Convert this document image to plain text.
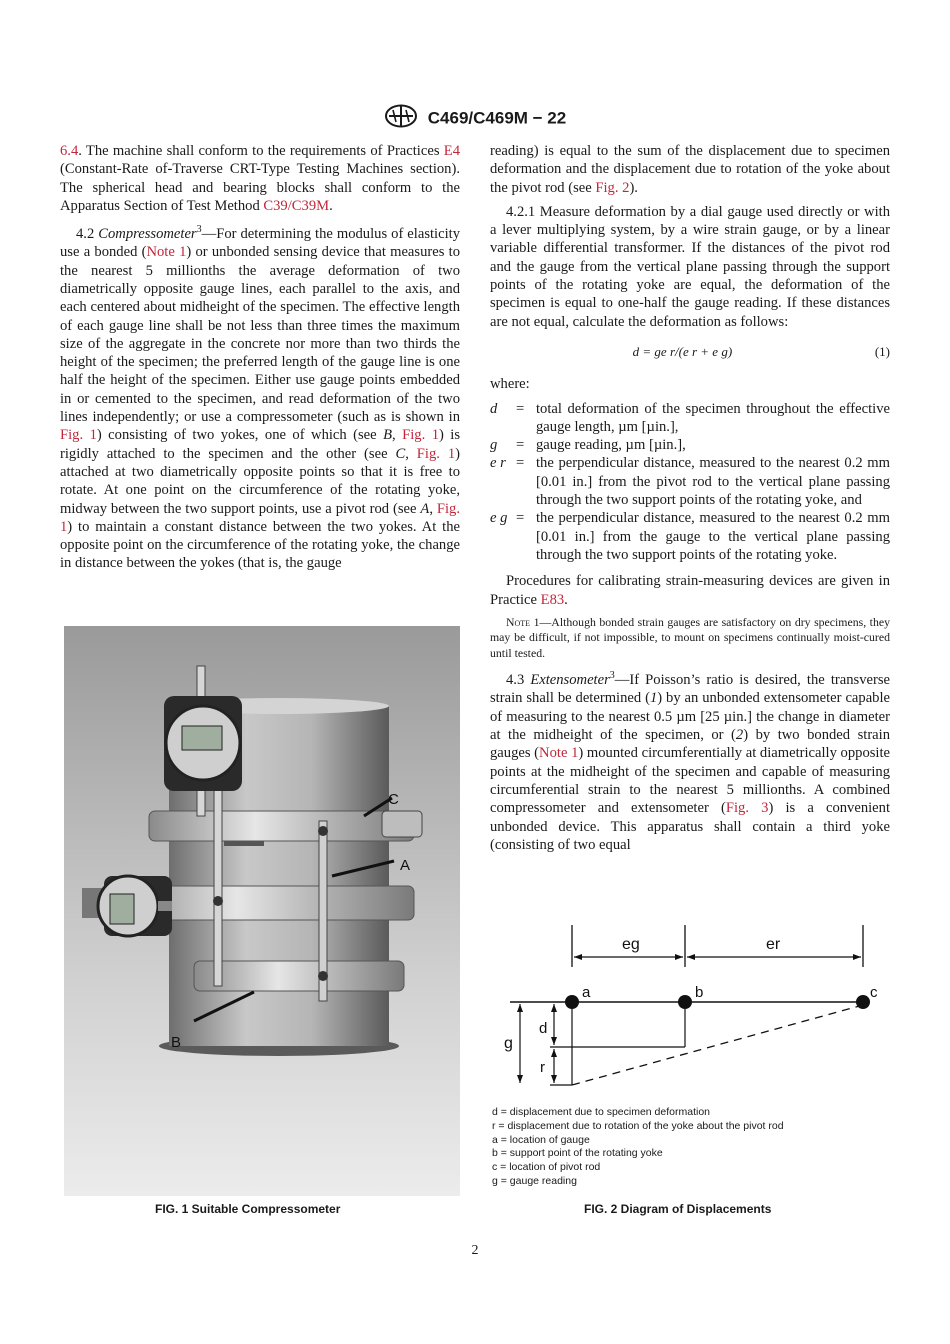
C469/C469M − 22

6.4. The machine shall conform to the requirements of Practices E4 (Constant-Rate of-Traverse CRT-Type Testing Machines section). The spherical head and bearing blocks shall conform to the Apparatus Section of Test Method C39/C39M.

4.2 Compressometer$^3$—For determining the modulus of elasticity use a bonded (Note 1) or unbonded sensing device that measures to the nearest 5 millionths the average deformation of two diametrically opposite gauge lines, each parallel to the axis, and each centered about midheight of the specimen. The effective length of each gauge line shall be not less than three times the maximum size of the aggregate in the concrete nor more than two thirds the height of the specimen; the preferred length of the gauge line is one half the height of the specimen. Either use gauge points embedded in or cemented to the specimen, and read deformation of the two lines independently; or use a compressometer (such as is shown in Fig. 1) consisting of two yokes, one of which (see B, Fig. 1) is rigidly attached to the specimen and the other (see C, Fig. 1) attached at two diametrically opposite points so that it is free to rotate. At one point on the circumference of the rotating yoke, midway between the two support points, use a pivot rod (see A, Fig. 1) to maintain a constant distance between the two yokes. At the opposite point on the circumference of the rotating yoke, the change in distance between the yokes (that is, the gauge

reading) is equal to the sum of the displacement due to specimen deformation and the displacement due to rotation of the yoke about the pivot rod (see Fig. 2).

4.2.1 Measure deformation by a dial gauge used directly or with a lever multiplying system, by a wire strain gauge, or by a linear variable differential transformer. If the distances of the pivot rod and the gauge from the vertical plane passing through the support points of the rotating yoke are equal, the deformation of the specimen is equal to one-half the gauge reading. If these distances are not equal, calculate the deformation as follows:

d = ge r/(e r + e g)	(1)

where:

d	= total deformation of the specimen throughout the effective gauge length, µm [µin.],
g	= gauge reading, µm [µin.],
e r = the perpendicular distance, measured to the nearest 0.2 mm [0.01 in.] from the pivot rod to the vertical plane passing through the two support points of the rotating yoke, and
e g = the perpendicular distance, measured to the nearest 0.2 mm [0.01 in.] from the gauge to the vertical plane passing through the two support points of the rotating yoke.

Procedures for calibrating strain-measuring devices are given in Practice E83.

Note 1—Although bonded strain gauges are satisfactory on dry specimens, they may be difficult, if not impossible, to mount on specimens continually moist-cured until tested.

4.3 Extensometer$^3$—If Poisson’s ratio is desired, the transverse strain shall be determined (1) by an unbonded extensometer capable of measuring to the nearest 0.5 µm [25 µin.] the change in diameter at the midheight of the specimen, or (2) by two bonded strain gauges (Note 1) mounted circumferentially at diametrically opposite points at the midheight of the specimen and capable of measuring circumferential strain to the nearest 5 millionths. A combined compressometer and extensometer (Fig. 3) is a convenient unbonded device. This apparatus shall contain a third yoke (consisting of two equal

C
A
B
FIG. 1 Suitable Compressometer
eg	er
a	b	c
g
d
r
d = displacement due to specimen deformation
r = displacement due to rotation of the yoke about the pivot rod
a = location of gauge
b = support point of the rotating yoke
c = location of pivot rod
g = gauge reading
FIG. 2 Diagram of Displacements
2
